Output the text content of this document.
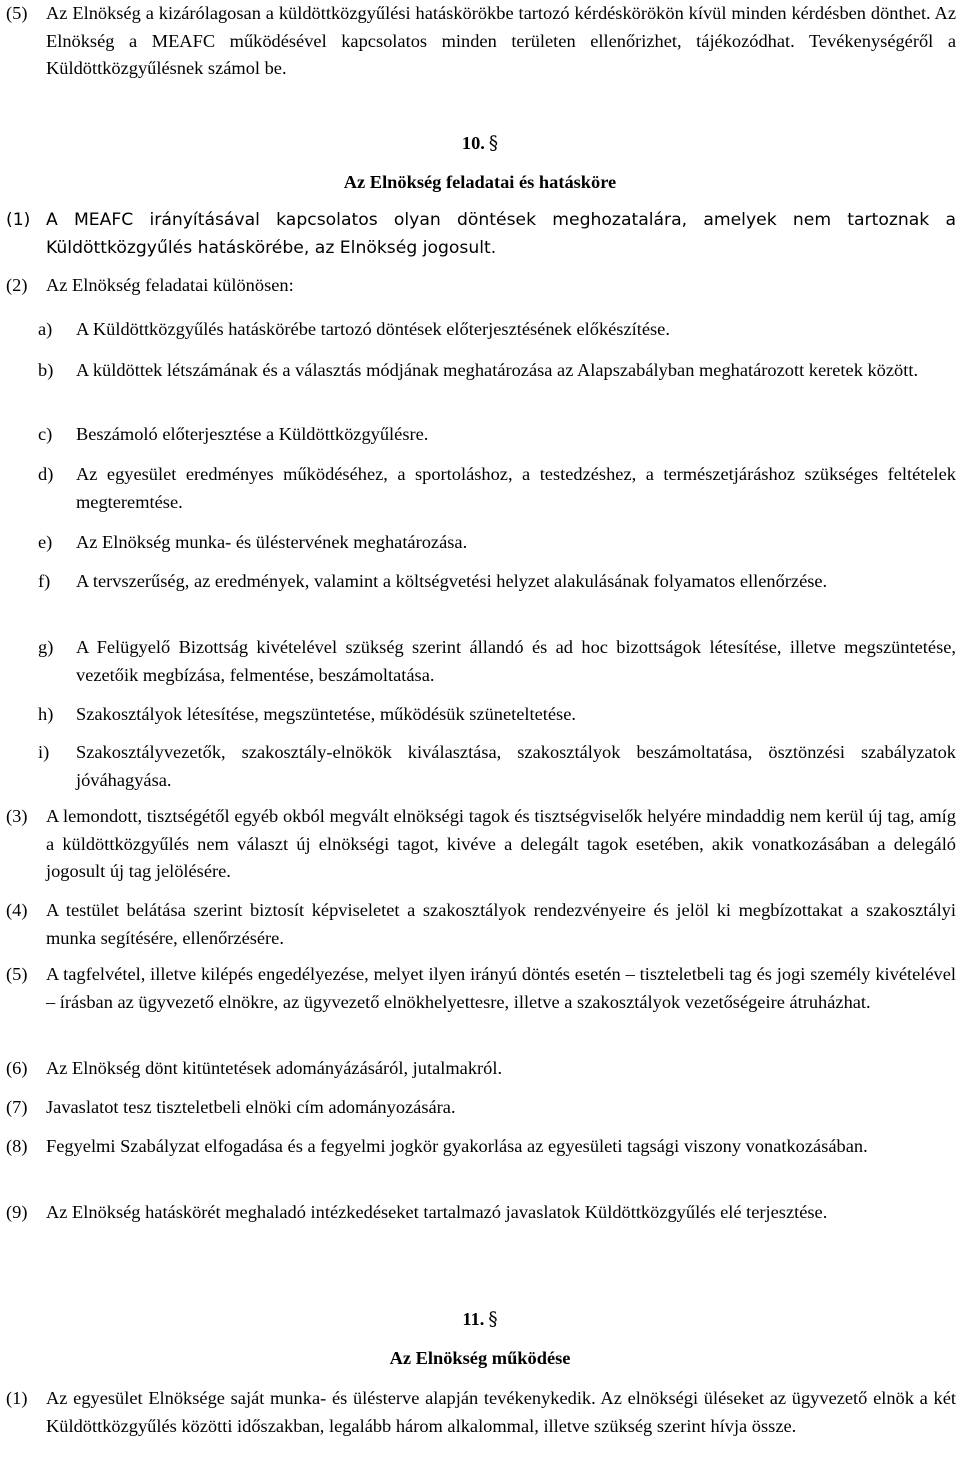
(5) Az Elnökség a kizárólagosan a küldöttközgyűlési hatáskörökbe tartozó kérdéskörökön kívül minden kérdésben dönthet. Az Elnökség a MEAFC működésével kapcsolatos minden területen ellenőrizhet, tájékozódhat. Tevékenységéről a Küldöttközgyűlésnek számol be.
10. §
Az Elnökség feladatai és hatásköre
(1) A MEAFC irányításával kapcsolatos olyan döntések meghozatalára, amelyek nem tartoznak a Küldöttközgyűlés hatáskörébe, az Elnökség jogosult.
(2) Az Elnökség feladatai különösen:
a) A Küldöttközgyűlés hatáskörébe tartozó döntések előterjesztésének előkészítése.
b) A küldöttek létszámának és a választás módjának meghatározása az Alapszabályban meghatározott keretek között.
c) Beszámoló előterjesztése a Küldöttközgyűlésre.
d) Az egyesület eredményes működéséhez, a sportoláshoz, a testedzéshez, a természetjáráshoz szükséges feltételek megteremtése.
e) Az Elnökség munka- és üléstervének meghatározása.
f) A tervszerűség, az eredmények, valamint a költségvetési helyzet alakulásának folyamatos ellenőrzése.
g) A Felügyelő Bizottság kivételével szükség szerint állandó és ad hoc bizottságok létesítése, illetve megszüntetése, vezetőik megbízása, felmentése, beszámoltatása.
h) Szakosztályok létesítése, megszüntetése, működésük szüneteltetése.
i) Szakosztályvezetők, szakosztály-elnökök kiválasztása, szakosztályok beszámoltatása, ösztönzési szabályzatok jóváhagyása.
(3) A lemondott, tisztségétől egyéb okból megvált elnökségi tagok és tisztségviselők helyére mindaddig nem kerül új tag, amíg a küldöttközgyűlés nem választ új elnökségi tagot, kivéve a delegált tagok esetében, akik vonatkozásában a delegáló jogosult új tag jelölésére.
(4) A testület belátása szerint biztosít képviseletet a szakosztályok rendezvényeire és jelöl ki megbízottakat a szakosztályi munka segítésére, ellenőrzésére.
(5) A tagfelvétel, illetve kilépés engedélyezése, melyet ilyen irányú döntés esetén – tiszteletbeli tag és jogi személy kivételével – írásban az ügyvezető elnökre, az ügyvezető elnökhelyettesre, illetve a szakosztályok vezetőségeire átruházhat.
(6) Az Elnökség dönt kitüntetések adományázásáról, jutalmakról.
(7) Javaslatot tesz tiszteletbeli elnöki cím adományozására.
(8) Fegyelmi Szabályzat elfogadása és a fegyelmi jogkör gyakorlása az egyesületi tagsági viszony vonatkozásában.
(9) Az Elnökség hatáskörét meghaladó intézkedéseket tartalmazó javaslatok Küldöttközgyűlés elé terjesztése.
11. §
Az Elnökség működése
(1) Az egyesület Elnöksége saját munka- és ülésterve alapján tevékenykedik. Az elnökségi üléseket az ügyvezető elnök a két Küldöttközgyűlés közötti időszakban, legalább három alkalommal, illetve szükség szerint hívja össze.
